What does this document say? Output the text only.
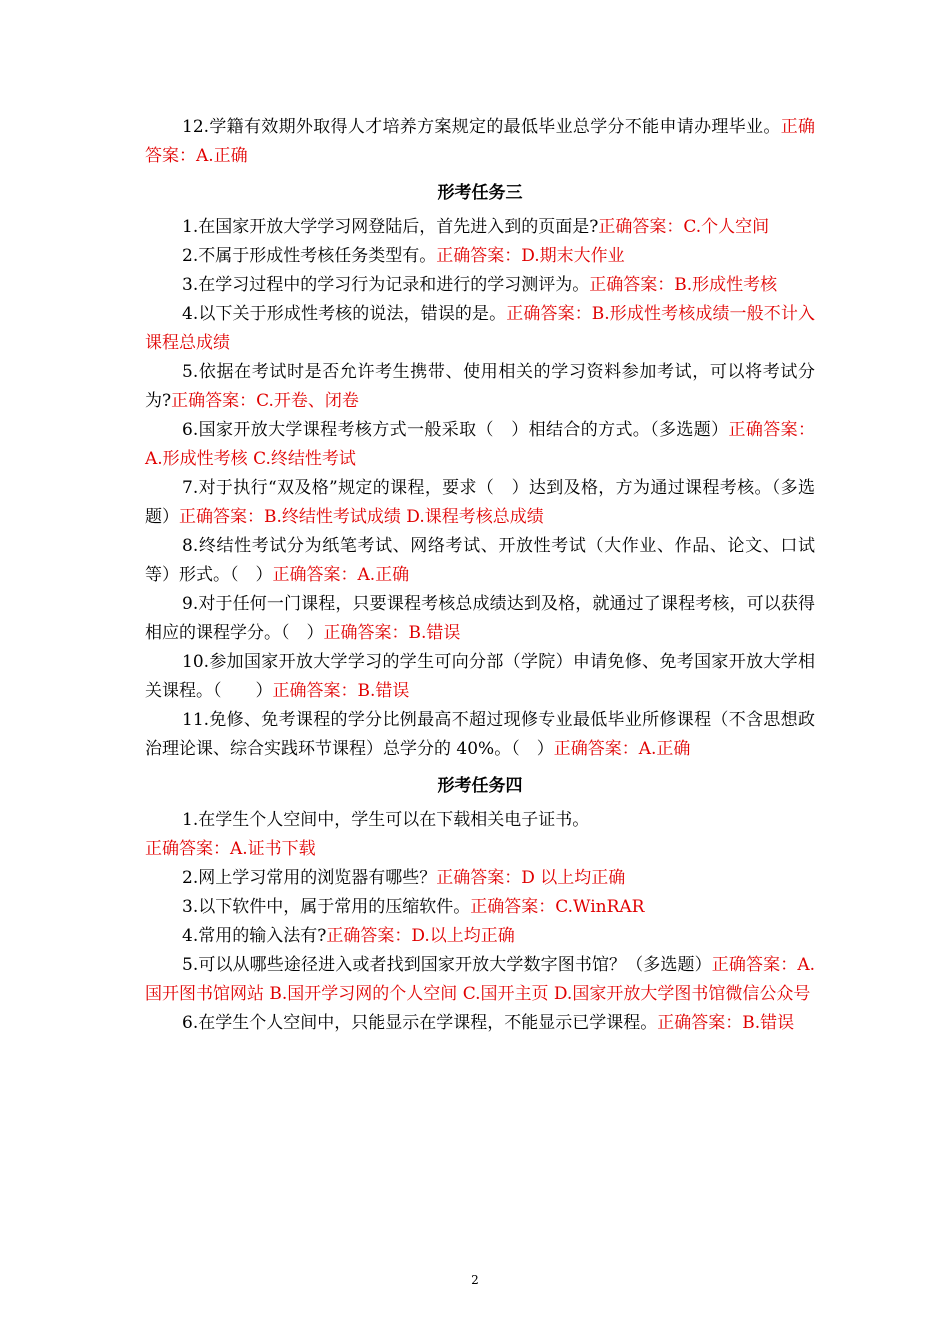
12.学籍有效期外取得人才培养方案规定的最低毕业总学分不能申请办理毕业。正确答案：A.正确

形考任务三

1.在国家开放大学学习网登陆后，首先进入到的页面是?正确答案：C.个人空间

2.不属于形成性考核任务类型有。正确答案：D.期末大作业

3.在学习过程中的学习行为记录和进行的学习测评为。正确答案：B.形成性考核

4.以下关于形成性考核的说法，错误的是。正确答案：B.形成性考核成绩一般不计入课程总成绩

5.依据在考试时是否允许考生携带、使用相关的学习资料参加考试，可以将考试分为?正确答案：C.开卷、闭卷

6.国家开放大学课程考核方式一般采取（　）相结合的方式。（多选题）正确答案：A.形成性考核 C.终结性考试

7.对于执行“双及格”规定的课程，要求（　）达到及格，方为通过课程考核。（多选题）正确答案：B.终结性考试成绩 D.课程考核总成绩

8.终结性考试分为纸笔考试、网络考试、开放性考试（大作业、作品、论文、口试等）形式。（　）正确答案：A.正确

9.对于任何一门课程，只要课程考核总成绩达到及格，就通过了课程考核，可以获得相应的课程学分。（　）正确答案：B.错误

10.参加国家开放大学学习的学生可向分部（学院）申请免修、免考国家开放大学相关课程。（　　）正确答案：B.错误

11.免修、免考课程的学分比例最高不超过现修专业最低毕业所修课程（不含思想政治理论课、综合实践环节课程）总学分的 40%。（　）正确答案：A.正确

形考任务四

1.在学生个人空间中，学生可以在下载相关电子证书。
正确答案：A.证书下载

2.网上学习常用的浏览器有哪些？正确答案：D 以上均正确

3.以下软件中，属于常用的压缩软件。正确答案：C.WinRAR

4.常用的输入法有?正确答案：D.以上均正确

5.可以从哪些途径进入或者找到国家开放大学数字图书馆？（多选题）正确答案：A.国开图书馆网站 B.国开学习网的个人空间 C.国开主页 D.国家开放大学图书馆微信公众号

6.在学生个人空间中，只能显示在学课程，不能显示已学课程。正确答案：B.错误

2
